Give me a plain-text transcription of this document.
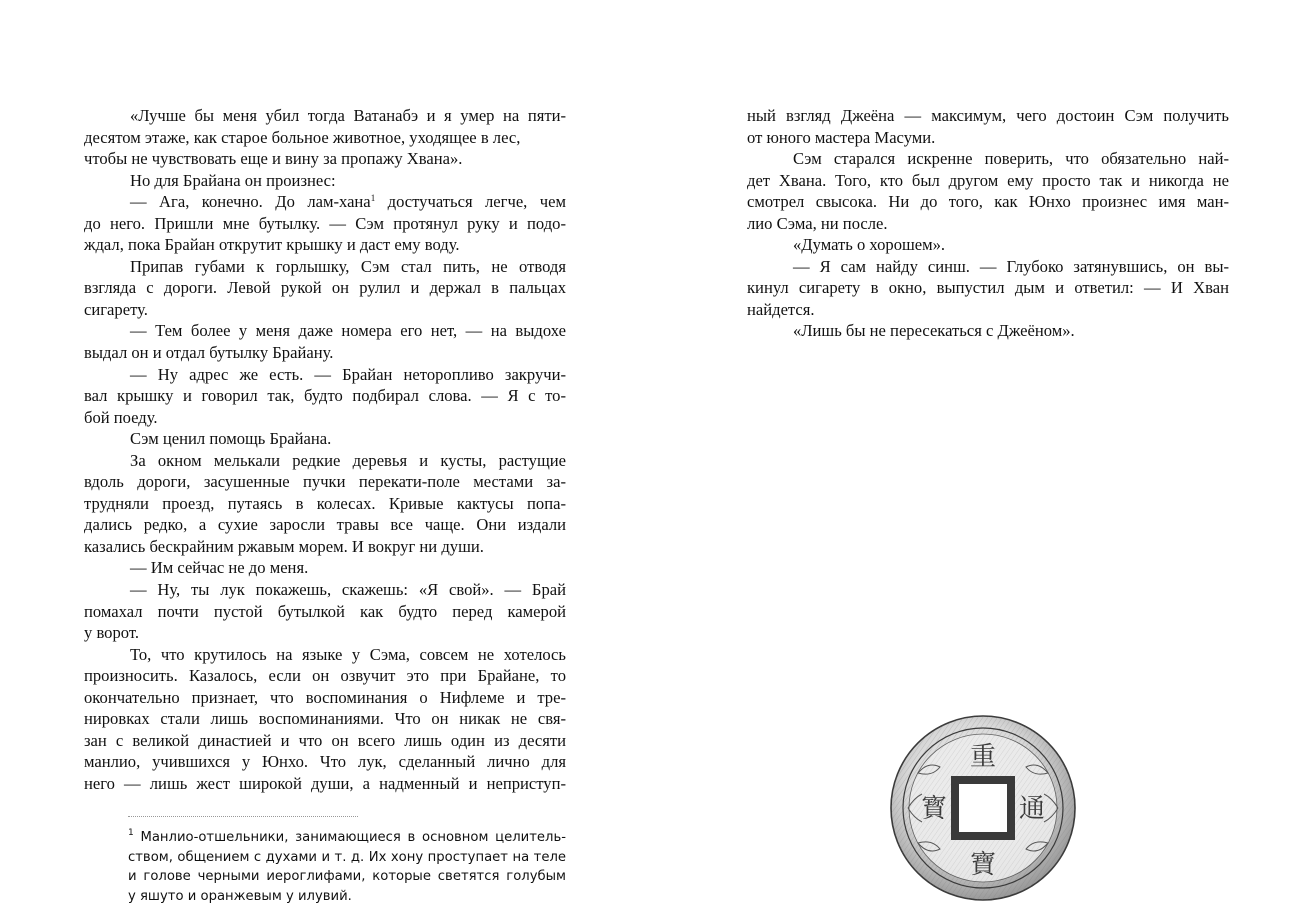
«Лучше бы меня убил тогда Ватанабэ и я умер на пяти-
десятом этаже, как старое больное животное, уходящее в лес,
чтобы не чувствовать еще и вину за пропажу Хвана».
Но для Брайана он произнес:
— Ага, конечно. До лам-хана$^1$ достучаться легче, чем
до него. Пришли мне бутылку. — Сэм протянул руку и подо-
ждал, пока Брайан открутит крышку и даст ему воду.
Припав губами к горлышку, Сэм стал пить, не отводя
взгляда с дороги. Левой рукой он рулил и держал в пальцах
сигарету.
— Тем более у меня даже номера его нет, — на выдохе
выдал он и отдал бутылку Брайану.
— Ну адрес же есть. — Брайан неторопливо закручи-
вал крышку и говорил так, будто подбирал слова. — Я с то-
бой поеду.
Сэм ценил помощь Брайана.
За окном мелькали редкие деревья и кусты, растущие
вдоль дороги, засушенные пучки перекати-поле местами за-
трудняли проезд, путаясь в колесах. Кривые кактусы попа-
дались редко, а сухие заросли травы все чаще. Они издали
казались бескрайним ржавым морем. И вокруг ни души.
— Им сейчас не до меня.
— Ну, ты лук покажешь, скажешь: «Я свой». — Брай
помахал почти пустой бутылкой как будто перед камерой
у ворот.
То, что крутилось на языке у Сэма, совсем не хотелось
произносить. Казалось, если он озвучит это при Брайане, то
окончательно признает, что воспоминания о Нифлеме и тре-
нировках стали лишь воспоминаниями. Что он никак не свя-
зан с великой династией и что он всего лишь один из десяти
манлио, учившихся у Юнхо. Что лук, сделанный лично для
него — лишь жест широкой души, а надменный и неприступ-
$^1$ Манлио-отшельники, занимающиеся в основном целитель-
ством, общением с духами и т. д. Их хону проступает на теле
и голове черными иероглифами, которые светятся голубым
у яшуто и оранжевым у илувий.
ный взгляд Джеёна — максимум, чего достоин Сэм получить
от юного мастера Масуми.
Сэм старался искренне поверить, что обязательно най-
дет Хвана. Того, кто был другом ему просто так и никогда не
смотрел свысока. Ни до того, как Юнхо произнес имя ман-
лио Сэма, ни после.
«Думать о хорошем».
— Я сам найду синш. — Глубоко затянувшись, он вы-
кинул сигарету в окно, выпустил дым и ответил: — И Хван
найдется.
«Лишь бы не пересекаться с Джеёном».
重
寶
通
寳
